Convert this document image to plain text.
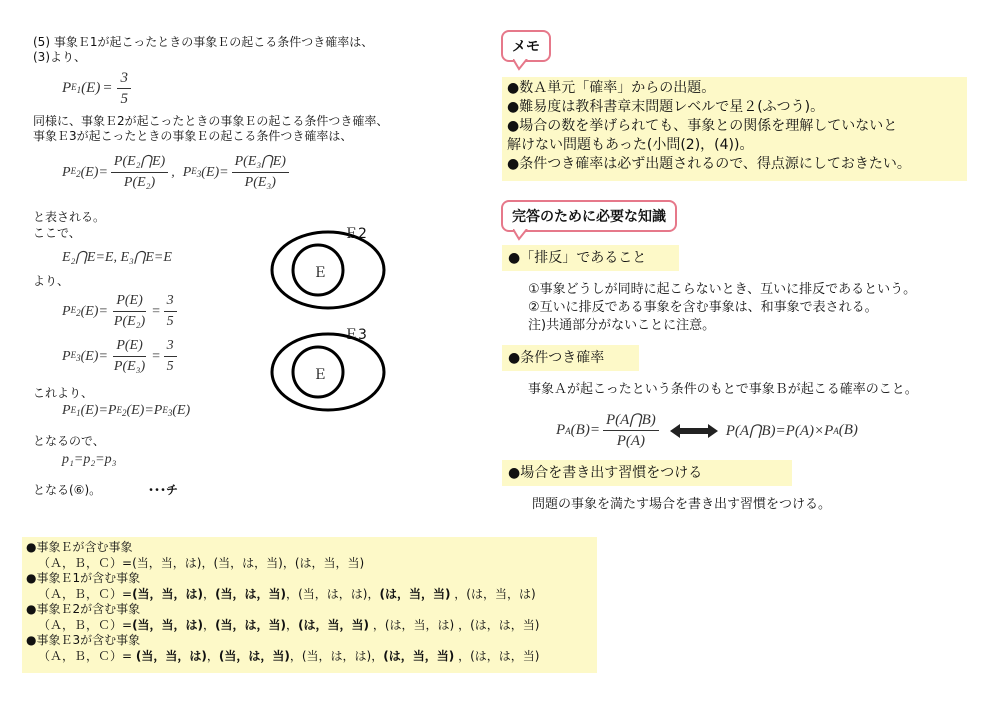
(5) 事象Ｅ1が起こったときの事象Ｅの起こる条件つき確率は、
(3)より、
P $E_1$ $(E) = \frac{3}{5}$
同様に、事象Ｅ2が起こったときの事象Ｅの起こる条件つき確率、
事象Ｅ3が起こったときの事象Ｅの起こる条件つき確率は、
P $E_2$ $(E)= \frac{\text{P(E₂⋂E)}}{\text{P(E₂)}}$ , P $E_3$ $(E)= \frac{\text{P(E₃⋂E)}}{\text{P(E₃)}}$
と表される。
ここで、
E₂⋂E=E, E₃⋂E=E
より、
P $E_2$ $(E)= \frac{P(E)}{\text{P(E₂)}} = \frac{3}{5}$
P $E_3$ $(E)= \frac{P(E)}{\text{P(E₃)}} = \frac{3}{5}$
これより、
P $E_1$ (E)=P $E_2$ (E)=P $E_3$ (E)
となるので、
p₁=p₂=p₃
となる(⑥)。	･･･チ
Ｅ2
Ｅ
Ｅ3
Ｅ
メモ
●数Ａ単元「確率」からの出題。
●難易度は教科書章末問題レベルで星２(ふつう)。
●場合の数を挙げられても、事象との関係を理解していないと
解けない問題もあった(小問(2)，(4))。
●条件つき確率は必ず出題されるので、得点源にしておきたい。
完答のために必要な知識
●「排反」であること
①事象どうしが同時に起こらないとき、互いに排反であるという。
②互いに排反である事象を含む事象は、和事象で表される。
注)共通部分がないことに注意。
●条件つき確率
事象Ａが起こったという条件のもとで事象Ｂが起こる確率のこと。
P A $(B)= \frac{P(A⋂B)}{P(A)}$	P(A⋂B)=P(A)×P A (B)
●場合を書き出す習慣をつける
問題の事象を満たす場合を書き出す習慣をつける。
●事象Ｅが含む事象
（Ａ，Ｂ，Ｃ）=(当，当，は)，(当，は，当)，(は，当，当)
●事象Ｅ1が含む事象
（Ａ，Ｂ，Ｃ）=(当，当，は)，(当，は，当)，(当，は，は)，(は，当，当) ，(は，当，は)
●事象Ｅ2が含む事象
（Ａ，Ｂ，Ｃ）=(当，当，は)，(当，は，当)，(は，当，当) ，(は，当，は) ，(は，は，当)
●事象Ｅ3が含む事象
（Ａ，Ｂ，Ｃ）= (当，当，は)，(当，は，当)，(当，は，は)，(は，当，当) ，(は，は，当)
